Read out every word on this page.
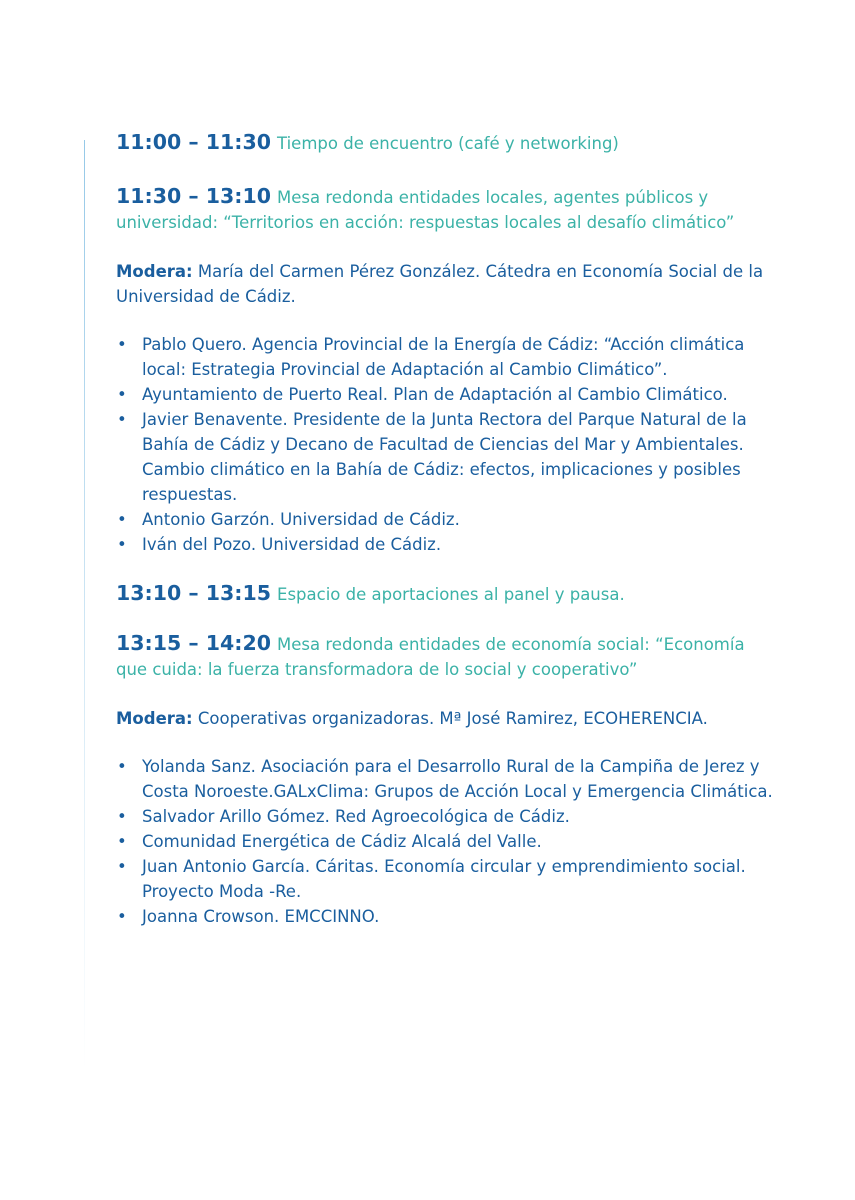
11:00 – 11:30 Tiempo de encuentro (café y networking)

11:30 – 13:10 Mesa redonda entidades locales, agentes públicos y universidad: “Territorios en acción: respuestas locales al desafío climático”

Modera: María del Carmen Pérez González. Cátedra en Economía Social de la Universidad de Cádiz.

• Pablo Quero. Agencia Provincial de la Energía de Cádiz: “Acción climática local: Estrategia Provincial de Adaptación al Cambio Climático”.
• Ayuntamiento de Puerto Real. Plan de Adaptación al Cambio Climático.
• Javier Benavente. Presidente de la Junta Rectora del Parque Natural de la Bahía de Cádiz y Decano de Facultad de Ciencias del Mar y Ambientales. Cambio climático en la Bahía de Cádiz: efectos, implicaciones y posibles respuestas.
• Antonio Garzón. Universidad de Cádiz.
• Iván del Pozo. Universidad de Cádiz.

13:10 – 13:15 Espacio de aportaciones al panel y pausa.

13:15 – 14:20 Mesa redonda entidades de economía social: “Economía que cuida: la fuerza transformadora de lo social y cooperativo”

Modera: Cooperativas organizadoras. Mª José Ramirez, ECOHERENCIA.

• Yolanda Sanz. Asociación para el Desarrollo Rural de la Campiña de Jerez y Costa Noroeste.GALxClima: Grupos de Acción Local y Emergencia Climática.
• Salvador Arillo Gómez. Red Agroecológica de Cádiz.
• Comunidad Energética de Cádiz Alcalá del Valle.
• Juan Antonio García. Cáritas. Economía circular y emprendimiento social. Proyecto Moda -Re.
• Joanna Crowson. EMCCINNO.
